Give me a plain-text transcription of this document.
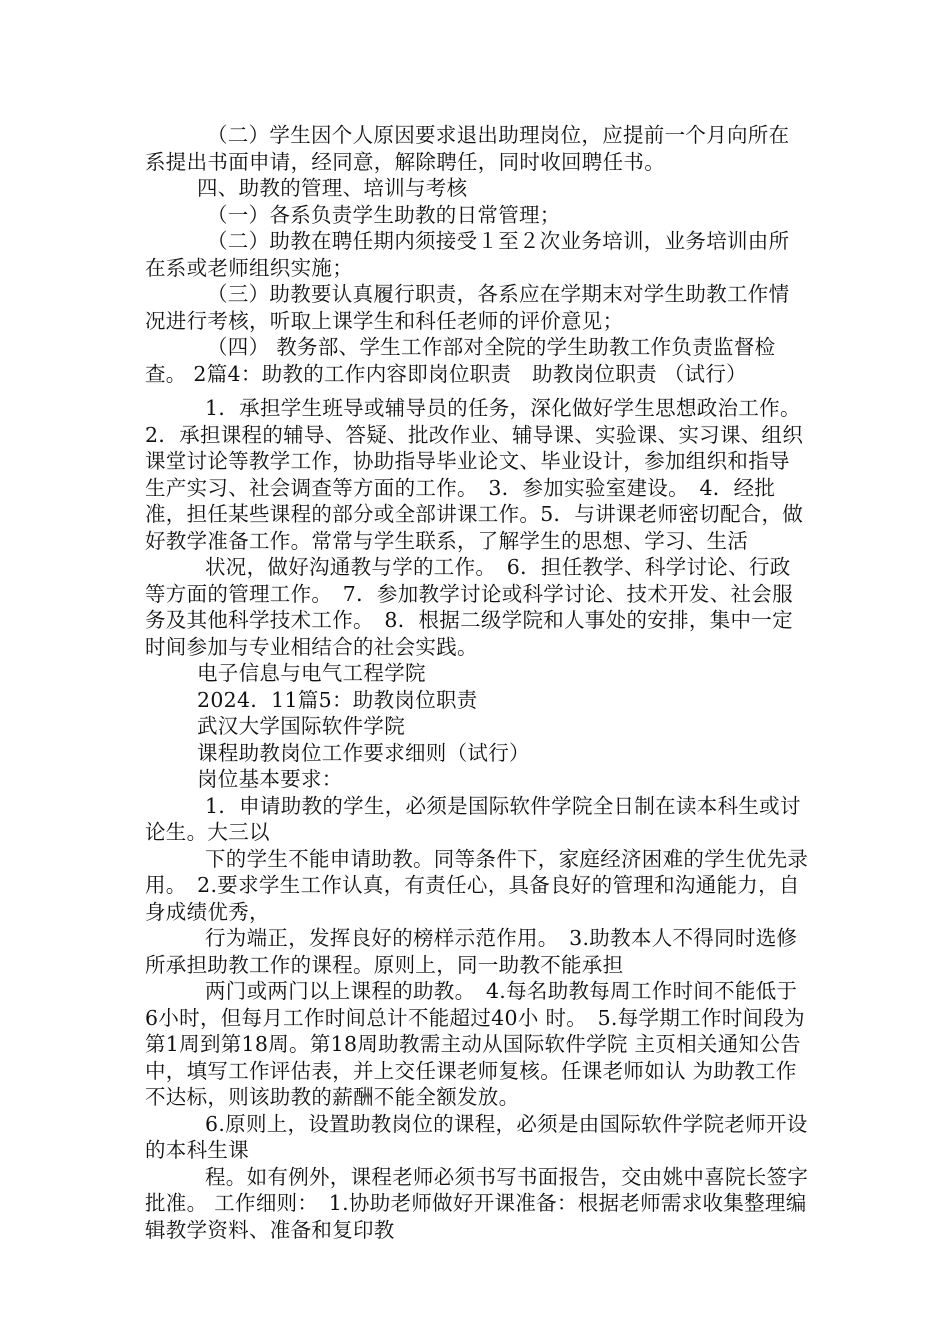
（二）学生因个人原因要求退出助理岗位，应提前一个月向所在系提出书面申请，经同意，解除聘任，同时收回聘任书。

四、助教的管理、培训与考核

（一）各系负责学生助教的日常管理；

（二）助教在聘任期内须接受１至２次业务培训，业务培训由所在系或老师组织实施；

（三）助教要认真履行职责，各系应在学期末对学生助教工作情况进行考核，听取上课学生和科任老师的评价意见；

（四） 教务部、学生工作部对全院的学生助教工作负责监督检查。 2篇4：助教的工作内容即岗位职责　助教岗位职责 （试行）

1．承担学生班导或辅导员的任务，深化做好学生思想政治工作。　2．承担课程的辅导、答疑、批改作业、辅导课、实验课、实习课、组织课堂讨论等教学工作，协助指导毕业论文、毕业设计，参加组织和指导生产实习、社会调查等方面的工作。　3．参加实验室建设。　4．经批准，担任某些课程的部分或全部讲课工作。5．与讲课老师密切配合，做好教学准备工作。常常与学生联系，了解学生的思想、学习、生活

状况，做好沟通教与学的工作。　6．担任教学、科学讨论、行政等方面的管理工作。　7．参加教学讨论或科学讨论、技术开发、社会服务及其他科学技术工作。　8．根据二级学院和人事处的安排，集中一定时间参加与专业相结合的社会实践。

电子信息与电气工程学院

2024．11篇5：助教岗位职责

武汉大学国际软件学院

课程助教岗位工作要求细则（试行）

岗位基本要求：

1．申请助教的学生，必须是国际软件学院全日制在读本科生或讨论生。大三以

下的学生不能申请助教。同等条件下，家庭经济困难的学生优先录用。　2.要求学生工作认真，有责任心，具备良好的管理和沟通能力，自身成绩优秀，

行为端正，发挥良好的榜样示范作用。　3.助教本人不得同时选修所承担助教工作的课程。原则上，同一助教不能承担

两门或两门以上课程的助教。　4.每名助教每周工作时间不能低于6小时，但每月工作时间总计不能超过40小 时。　5.每学期工作时间段为第1周到第18周。第18周助教需主动从国际软件学院 主页相关通知公告中，填写工作评估表，并上交任课老师复核。任课老师如认 为助教工作不达标，则该助教的薪酬不能全额发放。

6.原则上，设置助教岗位的课程，必须是由国际软件学院老师开设的本科生课

程。如有例外，课程老师必须书写书面报告，交由姚中喜院长签字批准。 工作细则：　1.协助老师做好开课准备：根据老师需求收集整理编辑教学资料、准备和复印教
